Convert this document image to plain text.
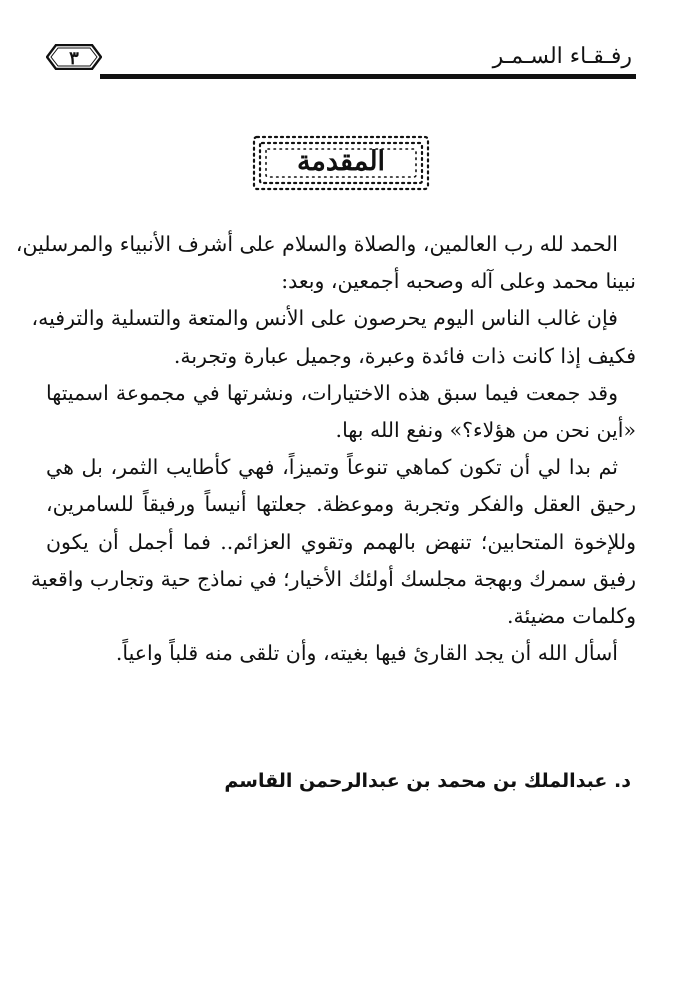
٣	رفـقـاء السـمـر
المقدمة
الحمد لله رب العالمين، والصلاة والسلام على أشرف الأنبياء والمرسلين،
نبينا محمد وعلى آله وصحبه أجمعين، وبعد:
فإن غالب الناس اليوم يحرصون على الأنس والمتعة والتسلية والترفيه،
فكيف إذا كانت ذات فائدة وعبرة، وجميل عبارة وتجربة.
وقد جمعت فيما سبق هذه الاختيارات، ونشرتها في مجموعة اسميتها
«أين نحن من هؤلاء؟» ونفع الله بها.
ثم بدا لي أن تكون كماهي تنوعاً وتميزاً، فهي كأطايب الثمر، بل هي
رحيق العقل والفكر وتجربة وموعظة. جعلتها أنيساً ورفيقاً للسامرين،
وللإخوة المتحابين؛ تنهض بالهمم وتقوي العزائم.. فما أجمل أن يكون
رفيق سمرك وبهجة مجلسك أولئك الأخيار؛ في نماذج حية وتجارب واقعية
وكلمات مضيئة.
أسأل الله أن يجد القارئ فيها بغيته، وأن تلقى منه قلباً واعياً.
د. عبدالملك بن محمد بن عبدالرحمن القاسم
